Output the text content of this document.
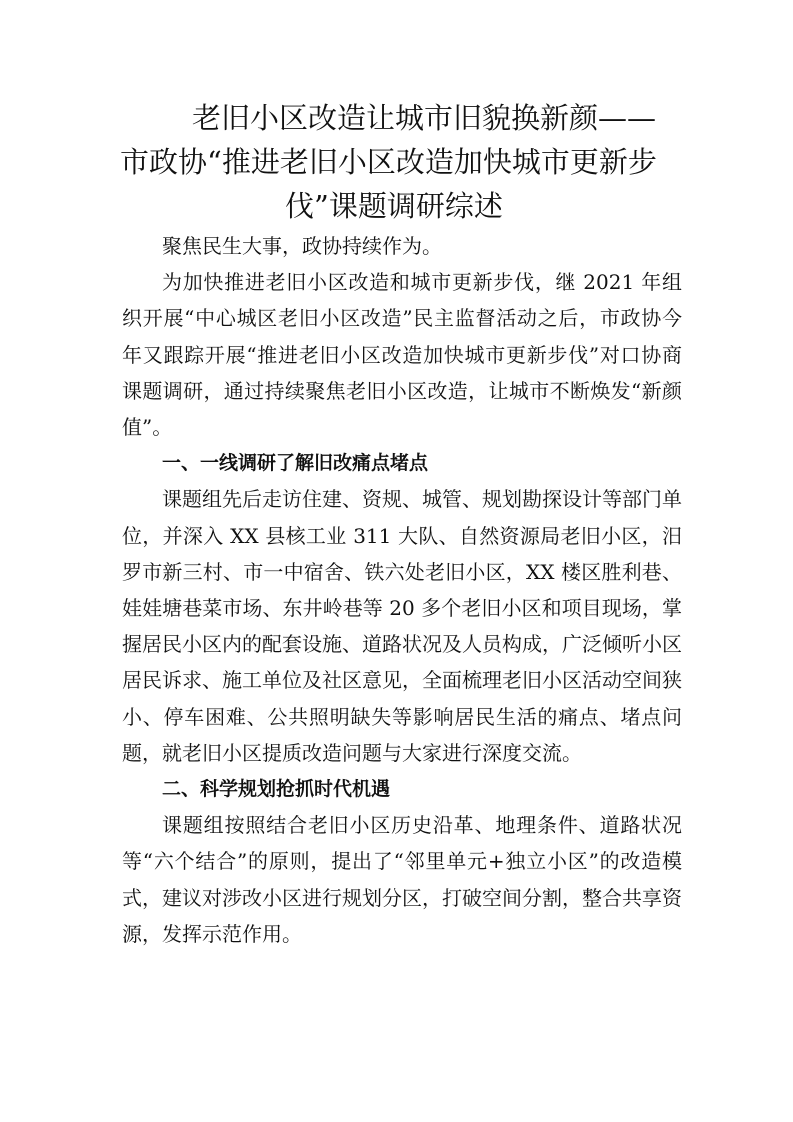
老旧小区改造让城市旧貌换新颜——
市政协“推进老旧小区改造加快城市更新步
伐”课题调研综述

聚焦民生大事，政协持续作为。

为加快推进老旧小区改造和城市更新步伐，继 2021 年组织开展“中心城区老旧小区改造”民主监督活动之后，市政协今年又跟踪开展“推进老旧小区改造加快城市更新步伐”对口协商课题调研，通过持续聚焦老旧小区改造，让城市不断焕发“新颜值”。

一、一线调研了解旧改痛点堵点

课题组先后走访住建、资规、城管、规划勘探设计等部门单位，并深入 XX 县核工业 311 大队、自然资源局老旧小区，汨罗市新三村、市一中宿舍、铁六处老旧小区，XX 楼区胜利巷、娃娃塘巷菜市场、东井岭巷等 20 多个老旧小区和项目现场，掌握居民小区内的配套设施、道路状况及人员构成，广泛倾听小区居民诉求、施工单位及社区意见，全面梳理老旧小区活动空间狭小、停车困难、公共照明缺失等影响居民生活的痛点、堵点问题，就老旧小区提质改造问题与大家进行深度交流。

二、科学规划抢抓时代机遇

课题组按照结合老旧小区历史沿革、地理条件、道路状况等“六个结合”的原则，提出了“邻里单元+独立小区”的改造模式，建议对涉改小区进行规划分区，打破空间分割，整合共享资源，发挥示范作用。
